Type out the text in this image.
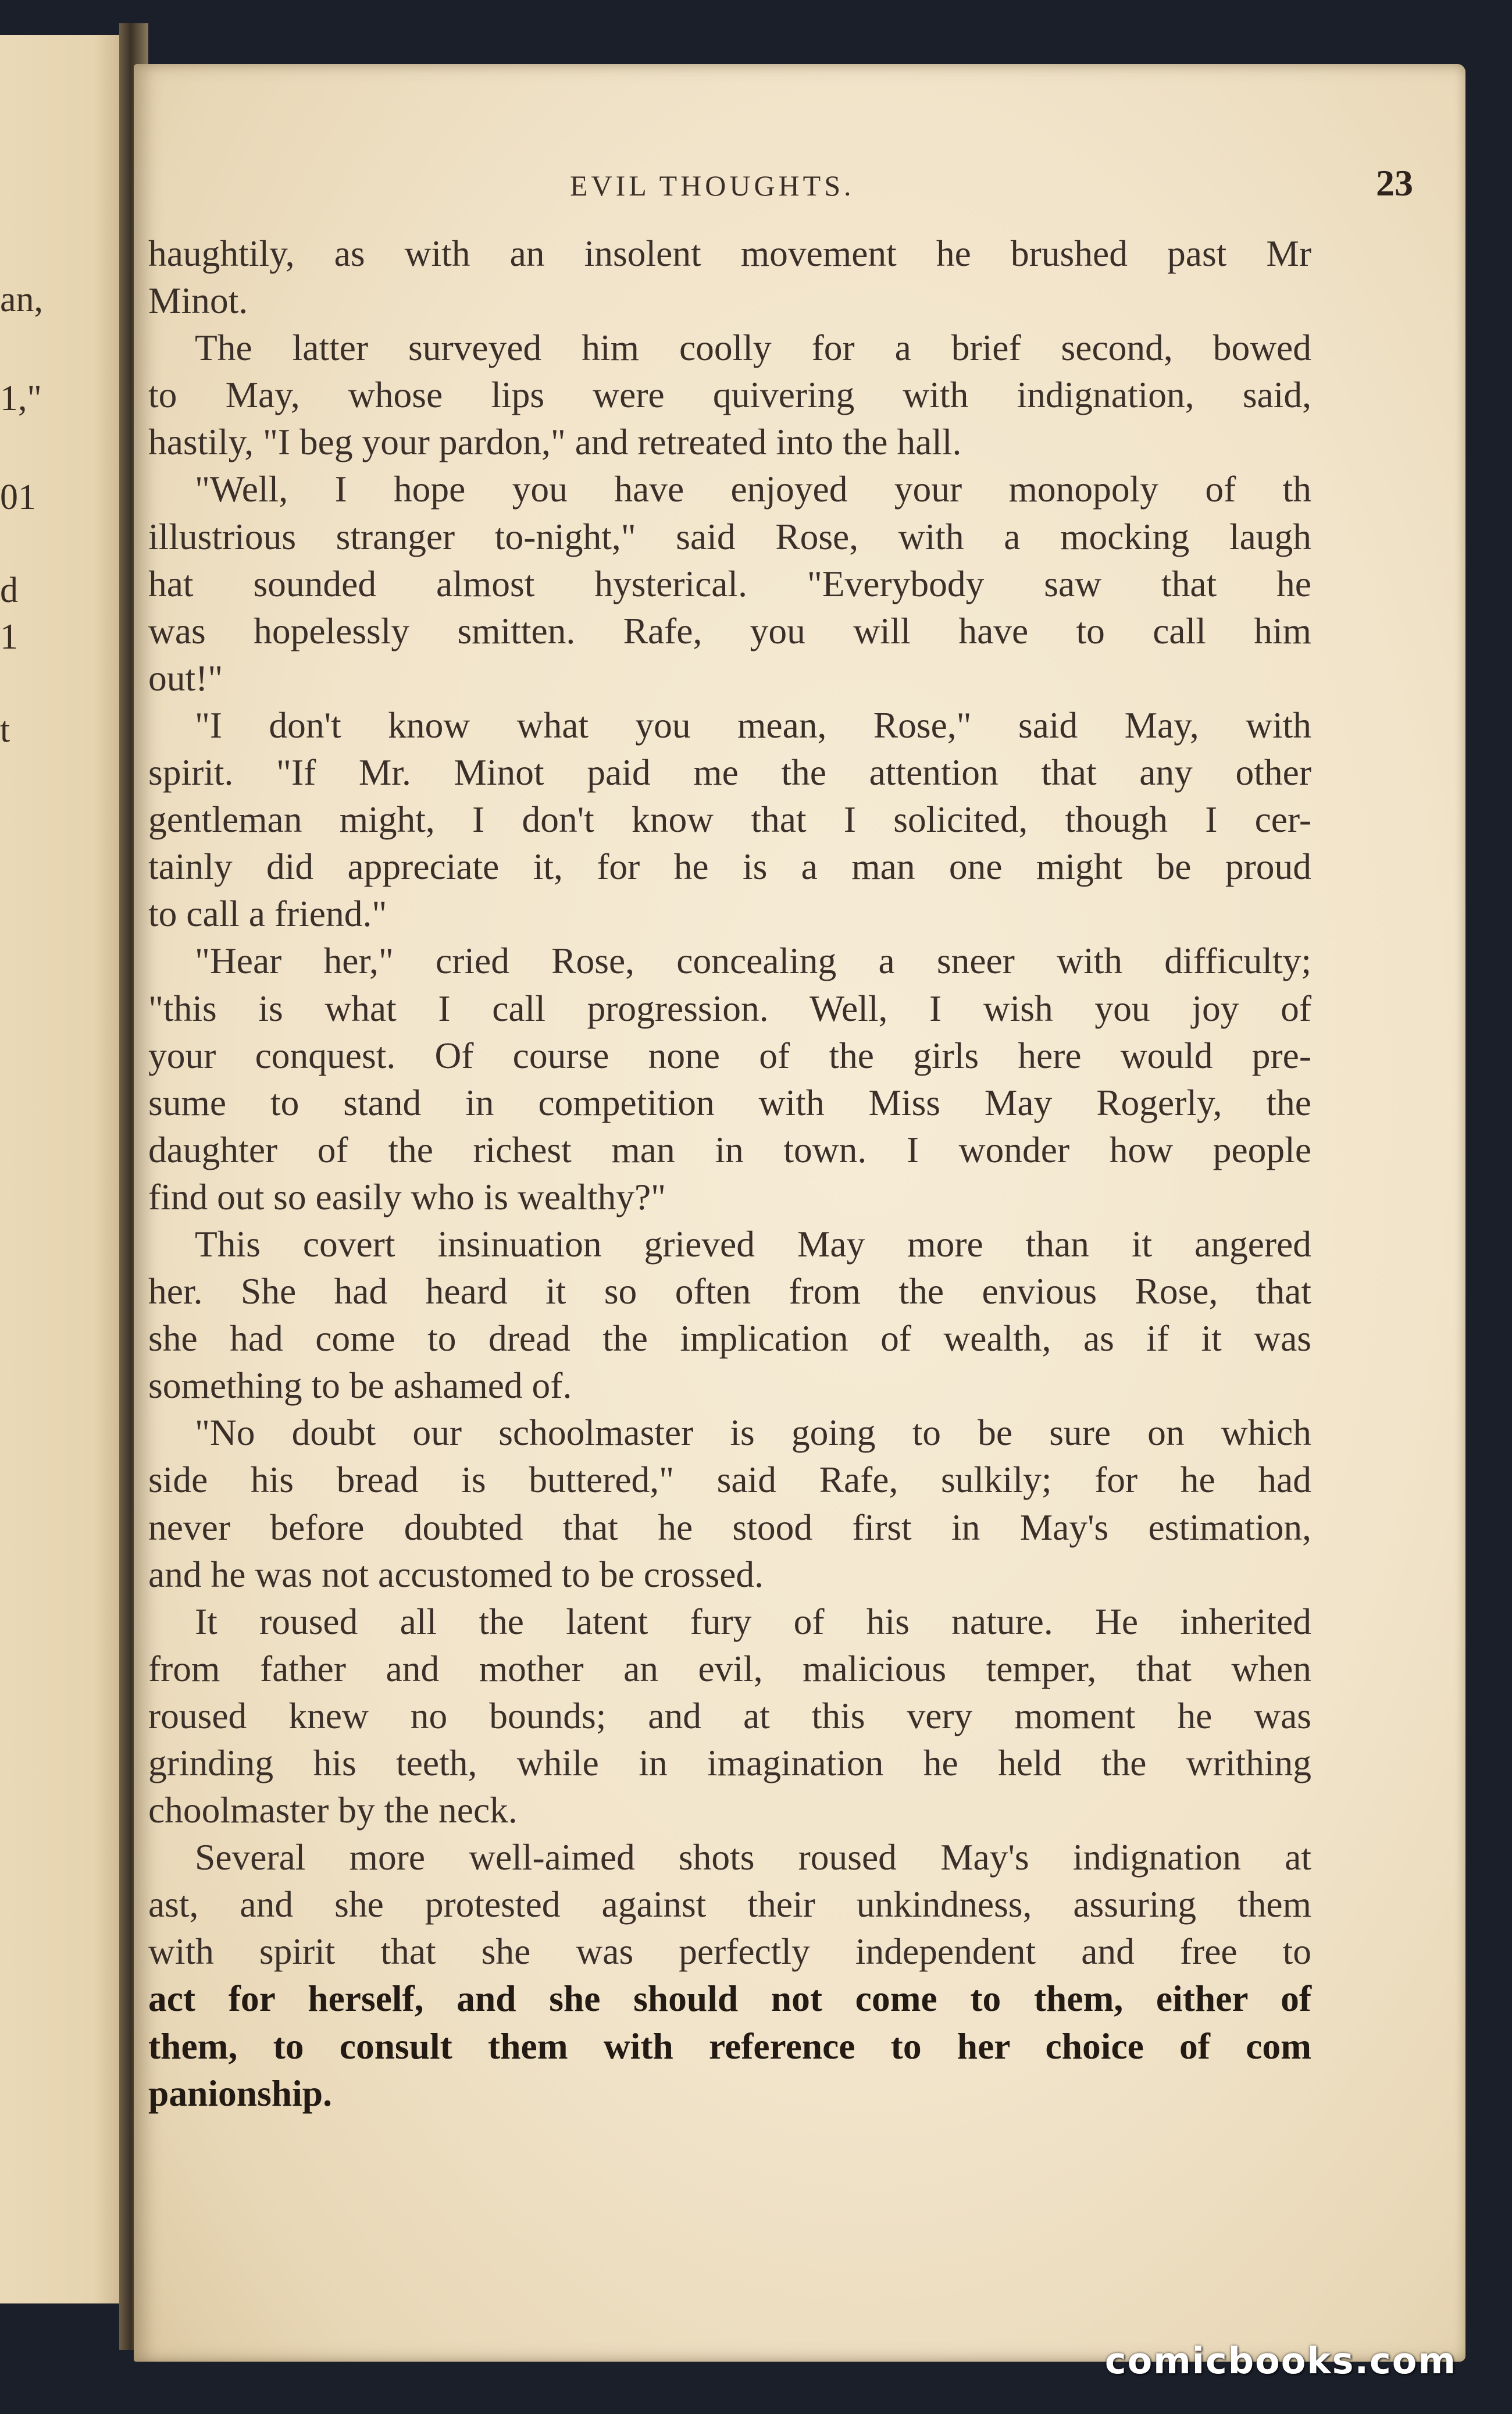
an,
1,"
01
d
1
t
EVIL THOUGHTS.	23
haughtily, as with an insolent movement he brushed past Mr
Minot.
The latter surveyed him coolly for a brief second, bowed
to May, whose lips were quivering with indignation, said,
hastily, "I beg your pardon," and retreated into the hall.
"Well, I hope you have enjoyed your monopoly of th
illustrious stranger to-night," said Rose, with a mocking laugh
hat sounded almost hysterical. "Everybody saw that he
was hopelessly smitten. Rafe, you will have to call him
out!"
"I don't know what you mean, Rose," said May, with
spirit. "If Mr. Minot paid me the attention that any other
gentleman might, I don't know that I solicited, though I cer-
tainly did appreciate it, for he is a man one might be proud
to call a friend."
"Hear her," cried Rose, concealing a sneer with difficulty;
"this is what I call progression. Well, I wish you joy of
your conquest. Of course none of the girls here would pre-
sume to stand in competition with Miss May Rogerly, the
daughter of the richest man in town. I wonder how people
find out so easily who is wealthy?"
This covert insinuation grieved May more than it angered
her. She had heard it so often from the envious Rose, that
she had come to dread the implication of wealth, as if it was
something to be ashamed of.
"No doubt our schoolmaster is going to be sure on which
side his bread is buttered," said Rafe, sulkily; for he had
never before doubted that he stood first in May's estimation,
and he was not accustomed to be crossed.
It roused all the latent fury of his nature. He inherited
from father and mother an evil, malicious temper, that when
roused knew no bounds; and at this very moment he was
grinding his teeth, while in imagination he held the writhing
choolmaster by the neck.
Several more well-aimed shots roused May's indignation at
ast, and she protested against their unkindness, assuring them
with spirit that she was perfectly independent and free to
act for herself, and she should not come to them, either of
them, to consult them with reference to her choice of com
panionship.
comicbooks.com
